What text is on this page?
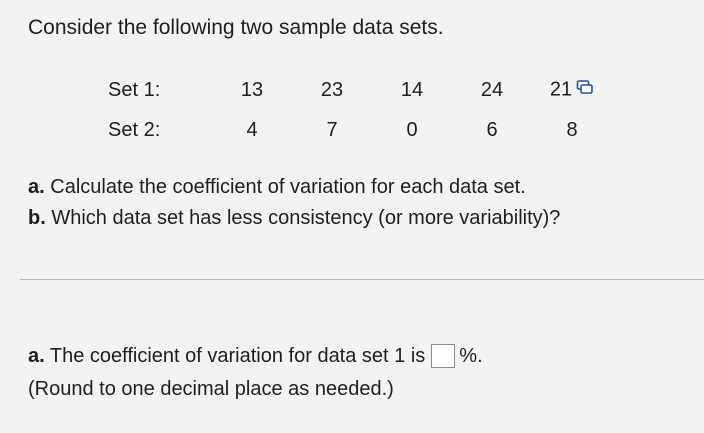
Consider the following two sample data sets.
Set 1:	13	23	14	24	21
Set 2:	4	7	0	6	8
a. Calculate the coefficient of variation for each data set.
b. Which data set has less consistency (or more variability)?
a. The coefficient of variation for data set 1 is %.
(Round to one decimal place as needed.)
